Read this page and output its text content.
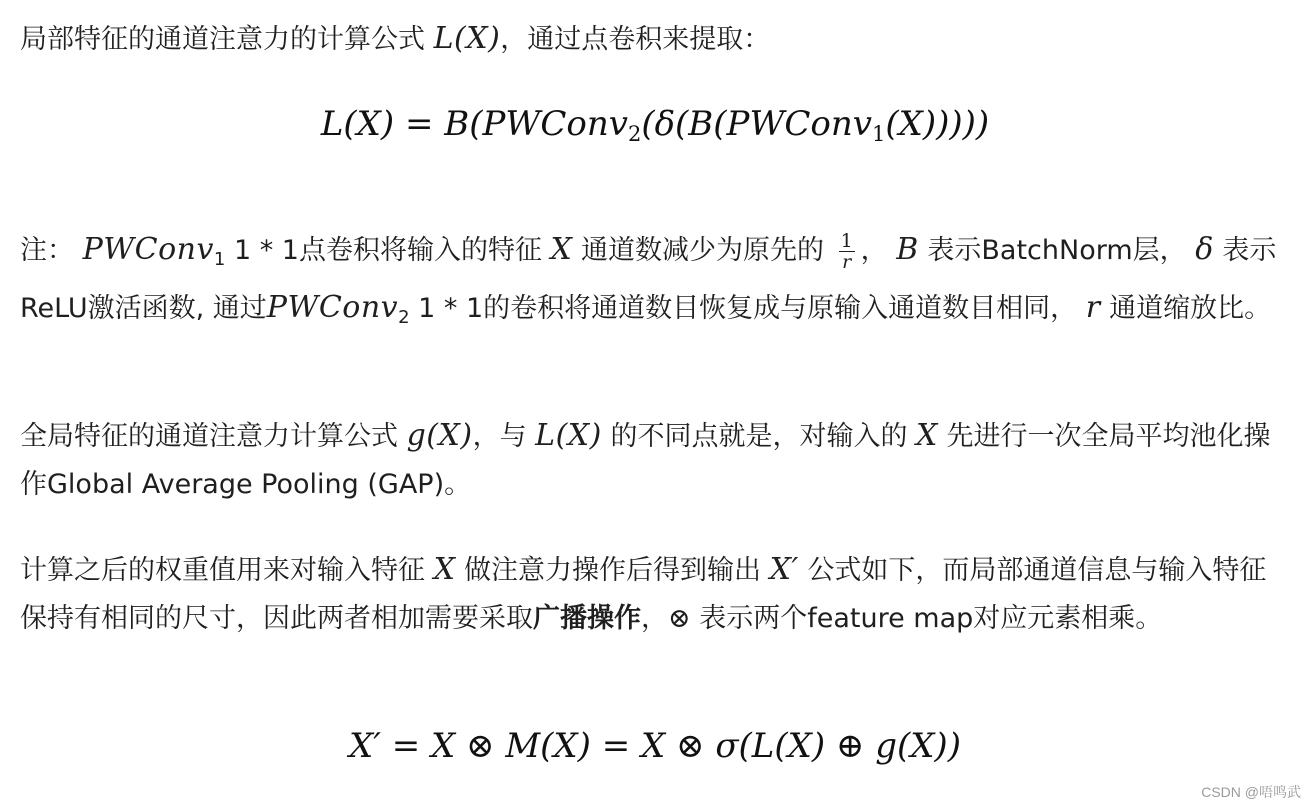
局部特征的通道注意力的计算公式 L(X)，通过点卷积来提取：
L(X) = B(PWConv$_2$(δ(B(PWConv$_1$(X)))))
注： PWConv$_1$ 1 * 1点卷积将输入的特征 X 通道数减少为原先的 $\frac{1}{r}$ ， B 表示BatchNorm层， δ 表示ReLU激活函数, 通过PWConv$_2$ 1 * 1的卷积将通道数目恢复成与原输入通道数目相同， r 通道缩放比。
全局特征的通道注意力计算公式 g(X)，与 L(X) 的不同点就是，对输入的 X 先进行一次全局平均池化操作Global Average Pooling (GAP)。
计算之后的权重值用来对输入特征 X 做注意力操作后得到输出 X′ 公式如下，而局部通道信息与输入特征保持有相同的尺寸，因此两者相加需要采取广播操作，⊗ 表示两个feature map对应元素相乘。
X′ = X ⊗ M(X) = X ⊗ σ(L(X) ⊕ g(X))
CSDN @唔鸣武
